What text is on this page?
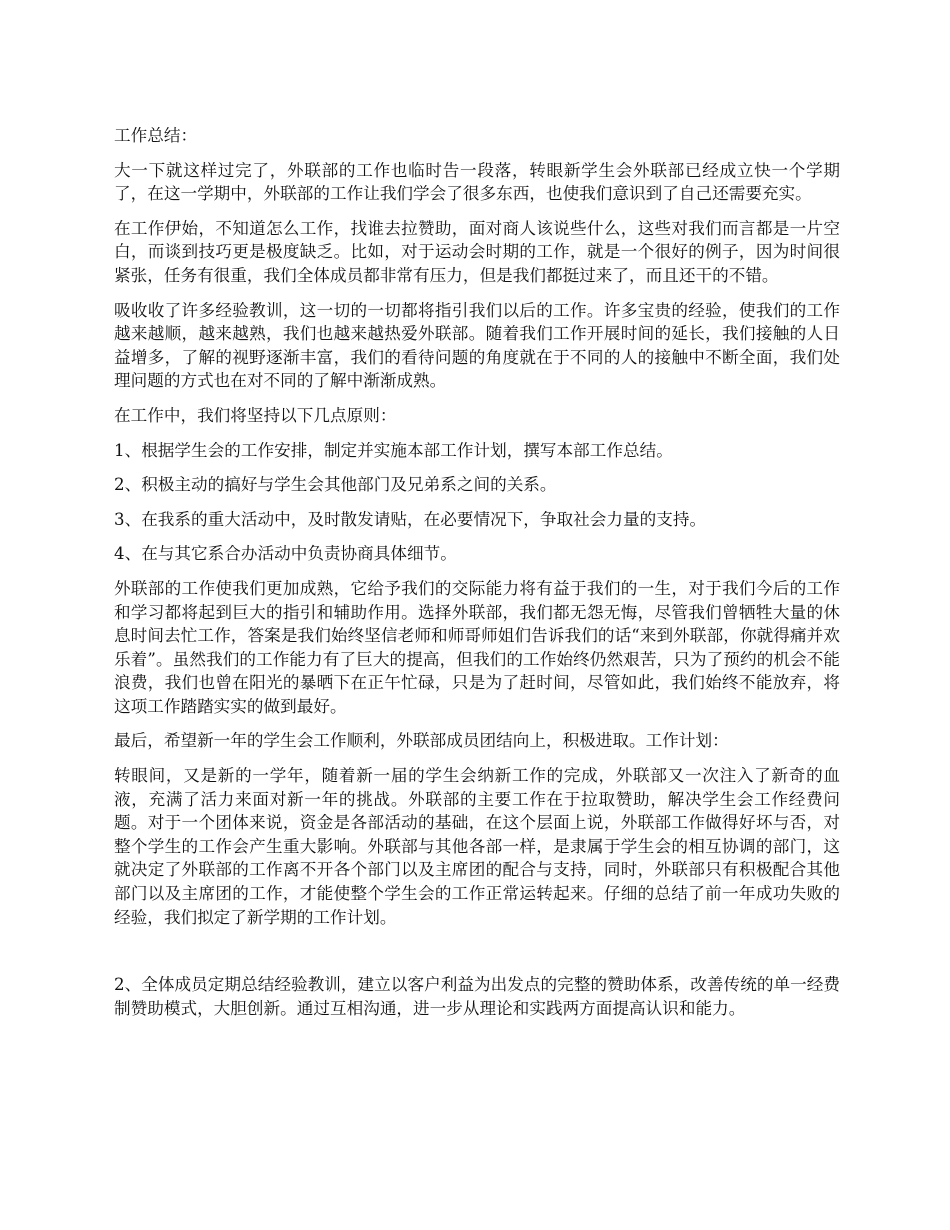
工作总结：

大一下就这样过完了，外联部的工作也临时告一段落，转眼新学生会外联部已经成立快一个学期了，在这一学期中，外联部的工作让我们学会了很多东西，也使我们意识到了自己还需要充实。

在工作伊始，不知道怎么工作，找谁去拉赞助，面对商人该说些什么，这些对我们而言都是一片空白，而谈到技巧更是极度缺乏。比如，对于运动会时期的工作，就是一个很好的例子，因为时间很紧张，任务有很重，我们全体成员都非常有压力，但是我们都挺过来了，而且还干的不错。

吸收收了许多经验教训，这一切的一切都将指引我们以后的工作。许多宝贵的经验，使我们的工作越来越顺，越来越熟，我们也越来越热爱外联部。随着我们工作开展时间的延长，我们接触的人日益增多，了解的视野逐渐丰富，我们的看待问题的角度就在于不同的人的接触中不断全面，我们处理问题的方式也在对不同的了解中渐渐成熟。

在工作中，我们将坚持以下几点原则：

1、根据学生会的工作安排，制定并实施本部工作计划，撰写本部工作总结。

2、积极主动的搞好与学生会其他部门及兄弟系之间的关系。

3、在我系的重大活动中，及时散发请贴，在必要情况下，争取社会力量的支持。

4、在与其它系合办活动中负责协商具体细节。

外联部的工作使我们更加成熟，它给予我们的交际能力将有益于我们的一生，对于我们今后的工作和学习都将起到巨大的指引和辅助作用。选择外联部，我们都无怨无悔，尽管我们曾牺牲大量的休息时间去忙工作，答案是我们始终坚信老师和师哥师姐们告诉我们的话“来到外联部，你就得痛并欢乐着”。虽然我们的工作能力有了巨大的提高，但我们的工作始终仍然艰苦，只为了预约的机会不能浪费，我们也曾在阳光的暴晒下在正午忙碌，只是为了赶时间，尽管如此，我们始终不能放弃，将这项工作踏踏实实的做到最好。

最后，希望新一年的学生会工作顺利，外联部成员团结向上，积极进取。工作计划：

转眼间，又是新的一学年，随着新一届的学生会纳新工作的完成，外联部又一次注入了新奇的血液，充满了活力来面对新一年的挑战。外联部的主要工作在于拉取赞助，解决学生会工作经费问题。对于一个团体来说，资金是各部活动的基础，在这个层面上说，外联部工作做得好坏与否，对整个学生的工作会产生重大影响。外联部与其他各部一样，是隶属于学生会的相互协调的部门，这就决定了外联部的工作离不开各个部门以及主席团的配合与支持，同时，外联部只有积极配合其他部门以及主席团的工作，才能使整个学生会的工作正常运转起来。仔细的总结了前一年成功失败的经验，我们拟定了新学期的工作计划。

2、全体成员定期总结经验教训，建立以客户利益为出发点的完整的赞助体系，改善传统的单一经费制赞助模式，大胆创新。通过互相沟通，进一步从理论和实践两方面提高认识和能力。
